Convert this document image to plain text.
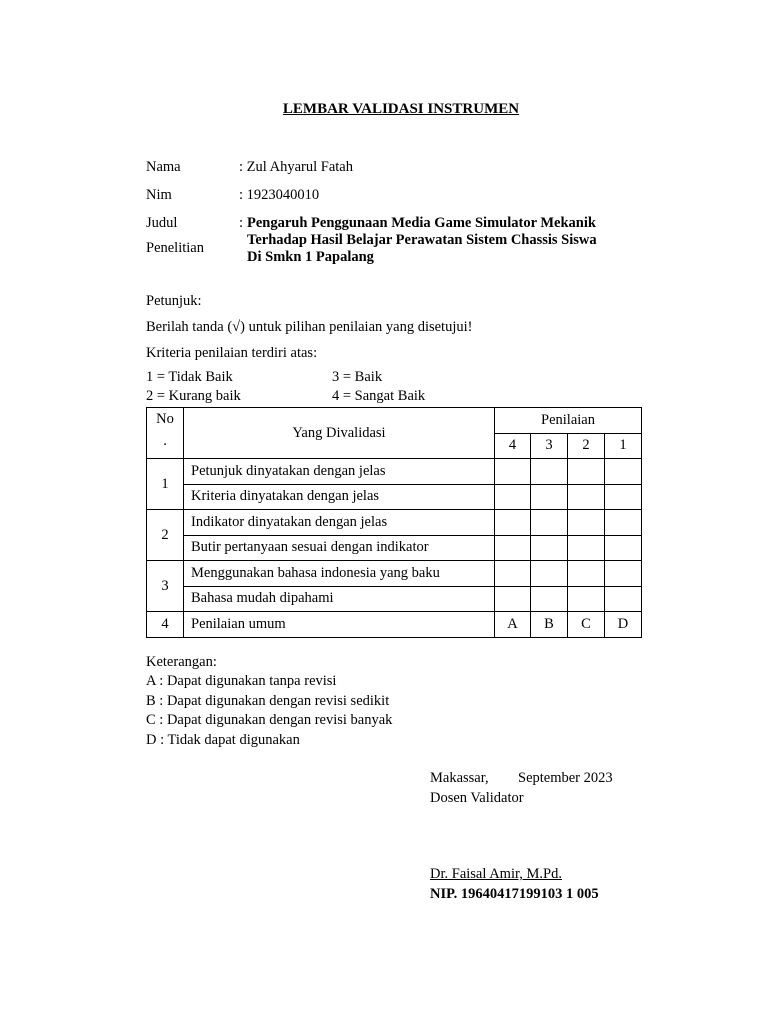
LEMBAR VALIDASI INSTRUMEN
Nama	: Zul Ahyarul Fatah
Nim	: 1923040010
Judul
Penelitian
: Pengaruh Penggunaan Media Game Simulator Mekanik
Terhadap Hasil Belajar Perawatan Sistem Chassis Siswa
Di Smkn 1 Papalang
Petunjuk:
Berilah tanda (√) untuk pilihan penilaian yang disetujui!
Kriteria penilaian terdiri atas:
1 = Tidak Baik	3 = Baik
2 = Kurang baik	4 = Sangat Baik
No
.	Yang Divalidasi	Penilaian			
		4	3	2	1
1	Petunjuk dinyatakan dengan jelas				
	Kriteria dinyatakan dengan jelas				
2	Indikator dinyatakan dengan jelas				
	Butir pertanyaan sesuai dengan indikator				
3	Menggunakan bahasa indonesia yang baku				
	Bahasa mudah dipahami				
4	Penilaian umum	A	B	C	D
Keterangan:
A : Dapat digunakan tanpa revisi
B : Dapat digunakan dengan revisi sedikit
C : Dapat digunakan dengan revisi banyak
D : Tidak dapat digunakan
Makassar, September 2023
Dosen Validator
Dr. Faisal Amir, M.Pd.
NIP. 19640417199103 1 005
